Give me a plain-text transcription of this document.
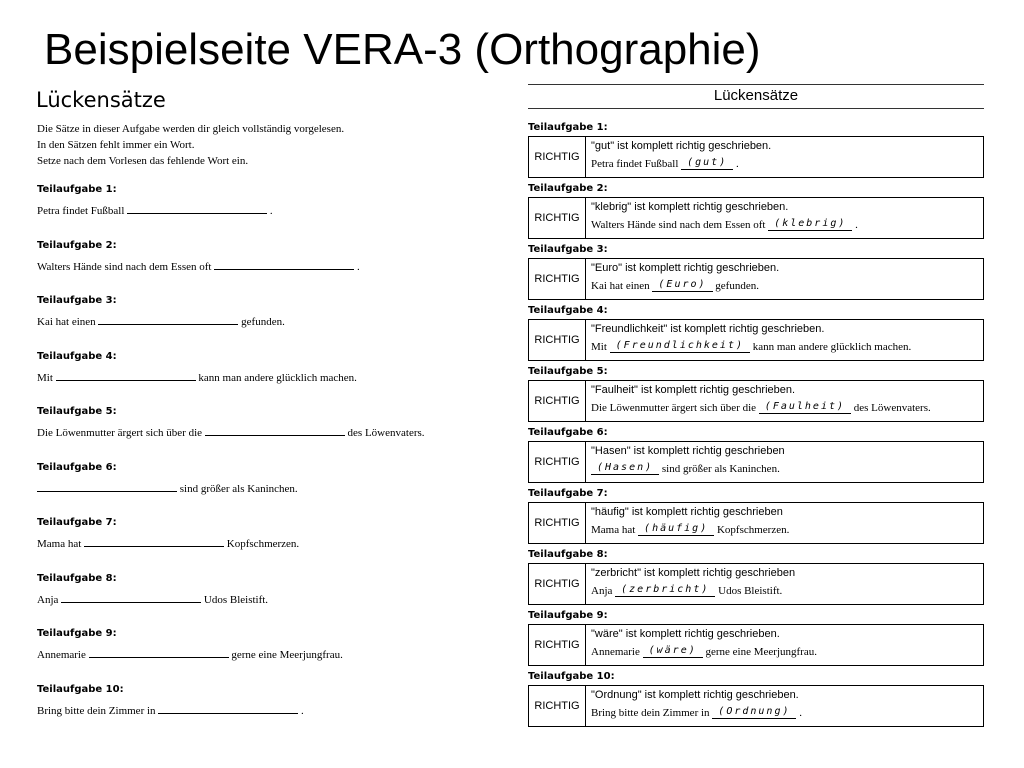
Beispielseite VERA-3 (Orthographie)
Lückensätze
Die Sätze in dieser Aufgabe werden dir gleich vollständig vorgelesen.
In den Sätzen fehlt immer ein Wort.
Setze nach dem Vorlesen das fehlende Wort ein.
Teilaufgabe 1:
Petra findet Fußball	.
Teilaufgabe 2:
Walters Hände sind nach dem Essen oft	.
Teilaufgabe 3:
Kai hat einen	gefunden.
Teilaufgabe 4:
Mit	kann man andere glücklich machen.
Teilaufgabe 5:
Die Löwenmutter ärgert sich über die	des Löwenvaters.
Teilaufgabe 6:
sind größer als Kaninchen.
Teilaufgabe 7:
Mama hat	Kopfschmerzen.
Teilaufgabe 8:
Anja	Udos Bleistift.
Teilaufgabe 9:
Annemarie	gerne eine Meerjungfrau.
Teilaufgabe 10:
Bring bitte dein Zimmer in	.
Lückensätze
Teilaufgabe 1:
RICHTIG
"gut" ist komplett richtig geschrieben.
Petra findet Fußball (gut) .
Teilaufgabe 2:
RICHTIG
"klebrig" ist komplett richtig geschrieben.
Walters Hände sind nach dem Essen oft (klebrig) .
Teilaufgabe 3:
RICHTIG
"Euro" ist komplett richtig geschrieben.
Kai hat einen (Euro) gefunden.
Teilaufgabe 4:
RICHTIG
"Freundlichkeit" ist komplett richtig geschrieben.
Mit (Freundlichkeit) kann man andere glücklich machen.
Teilaufgabe 5:
RICHTIG
"Faulheit" ist komplett richtig geschrieben.
Die Löwenmutter ärgert sich über die (Faulheit) des Löwenvaters.
Teilaufgabe 6:
RICHTIG
"Hasen" ist komplett richtig geschrieben
(Hasen) sind größer als Kaninchen.
Teilaufgabe 7:
RICHTIG
"häufig" ist komplett richtig geschrieben
Mama hat (häufig) Kopfschmerzen.
Teilaufgabe 8:
RICHTIG
"zerbricht" ist komplett richtig geschrieben
Anja (zerbricht) Udos Bleistift.
Teilaufgabe 9:
RICHTIG
"wäre" ist komplett richtig geschrieben.
Annemarie (wäre) gerne eine Meerjungfrau.
Teilaufgabe 10:
RICHTIG
"Ordnung" ist komplett richtig geschrieben.
Bring bitte dein Zimmer in (Ordnung) .
